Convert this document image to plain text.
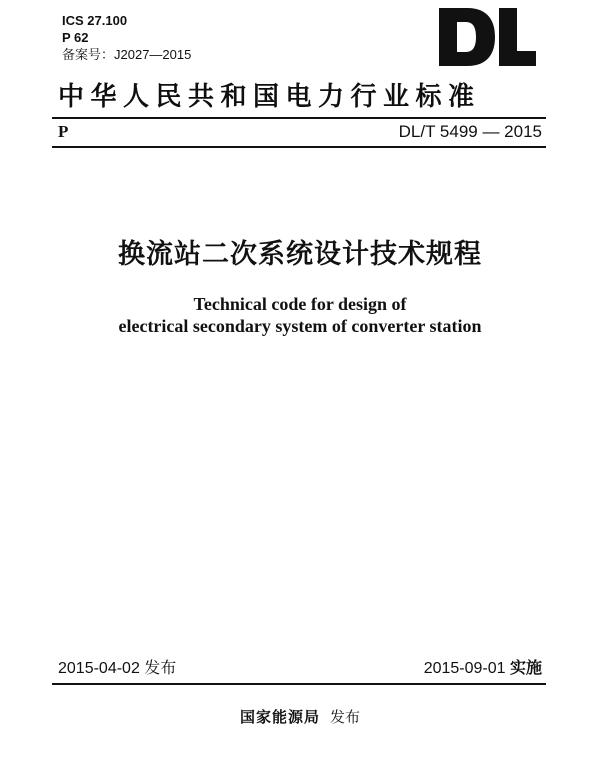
ICS 27.100
P 62
备案号：J2027—2015
中华人民共和国电力行业标准
P	DL/T 5499 — 2015
换流站二次系统设计技术规程
Technical code for design of
electrical secondary system of converter station
2015-04-02 发布	2015-09-01 实施
国家能源局 发布
